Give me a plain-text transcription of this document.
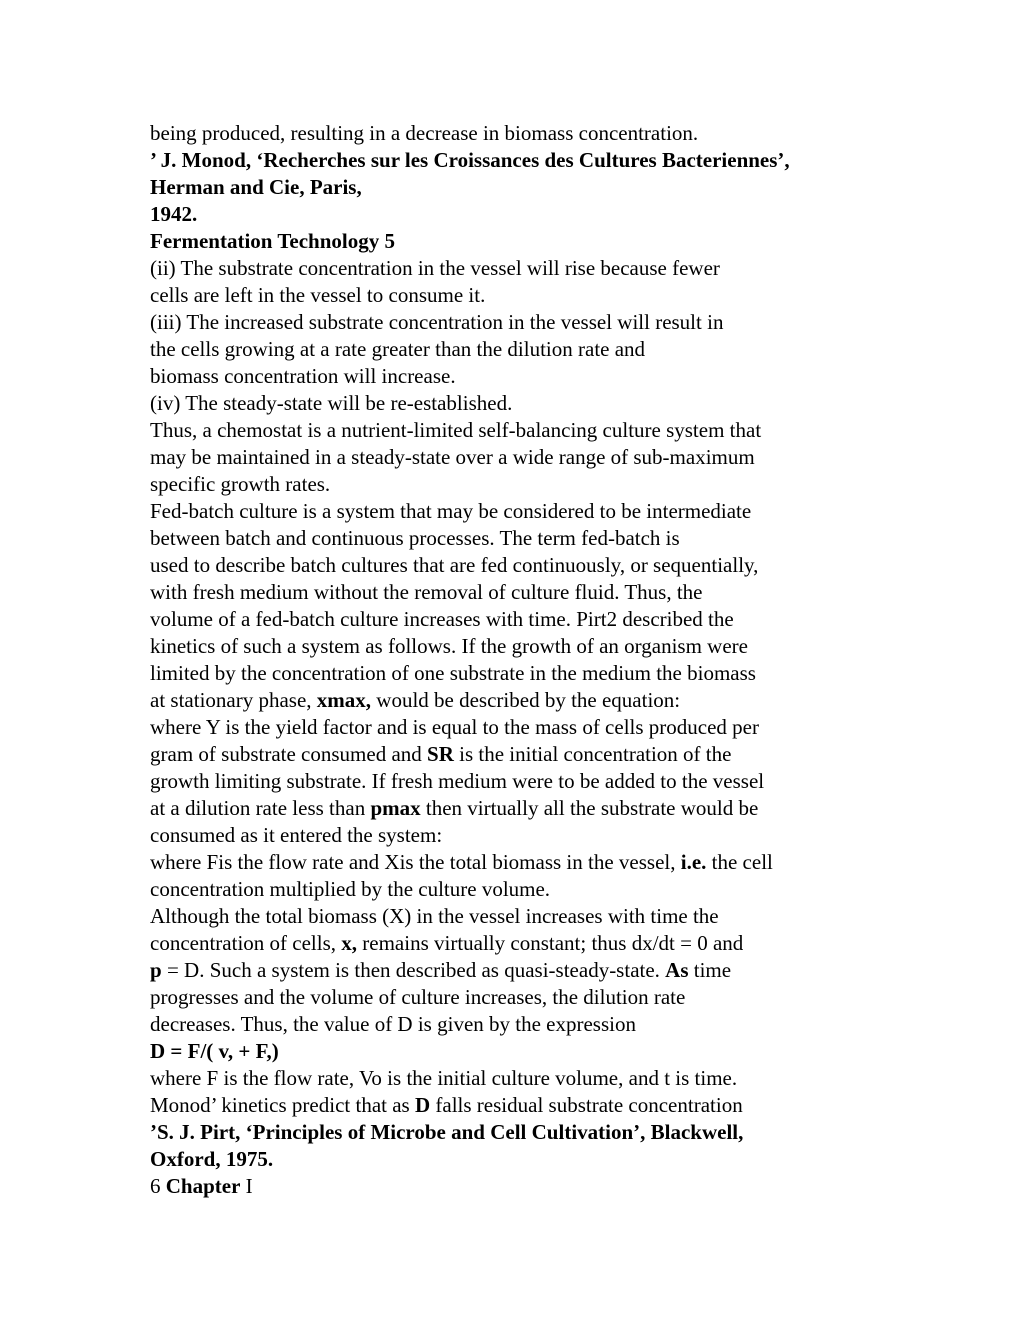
being produced, resulting in a decrease in biomass concentration.
’ J. Monod, ‘Recherches sur les Croissances des Cultures Bacteriennes’,
Herman and Cie, Paris,
1942.
Fermentation Technology 5
(ii) The substrate concentration in the vessel will rise because fewer
cells are left in the vessel to consume it.
(iii) The increased substrate concentration in the vessel will result in
the cells growing at a rate greater than the dilution rate and
biomass concentration will increase.
(iv) The steady-state will be re-established.
Thus, a chemostat is a nutrient-limited self-balancing culture system that
may be maintained in a steady-state over a wide range of sub-maximum
specific growth rates.
Fed-batch culture is a system that may be considered to be intermediate
between batch and continuous processes. The term fed-batch is
used to describe batch cultures that are fed continuously, or sequentially,
with fresh medium without the removal of culture fluid. Thus, the
volume of a fed-batch culture increases with time. Pirt2 described the
kinetics of such a system as follows. If the growth of an organism were
limited by the concentration of one substrate in the medium the biomass
at stationary phase, xmax, would be described by the equation:
where Y is the yield factor and is equal to the mass of cells produced per
gram of substrate consumed and SR is the initial concentration of the
growth limiting substrate. If fresh medium were to be added to the vessel
at a dilution rate less than pmax then virtually all the substrate would be
consumed as it entered the system:
where Fis the flow rate and Xis the total biomass in the vessel, i.e. the cell
concentration multiplied by the culture volume.
Although the total biomass (X) in the vessel increases with time the
concentration of cells, x, remains virtually constant; thus dx/dt = 0 and
p = D. Such a system is then described as quasi-steady-state. As time
progresses and the volume of culture increases, the dilution rate
decreases. Thus, the value of D is given by the expression
D = F/( v, + F,)
where F is the flow rate, Vo is the initial culture volume, and t is time.
Monod’ kinetics predict that as D falls residual substrate concentration
’S. J. Pirt, ‘Principles of Microbe and Cell Cultivation’, Blackwell,
Oxford, 1975.
6 Chapter I
